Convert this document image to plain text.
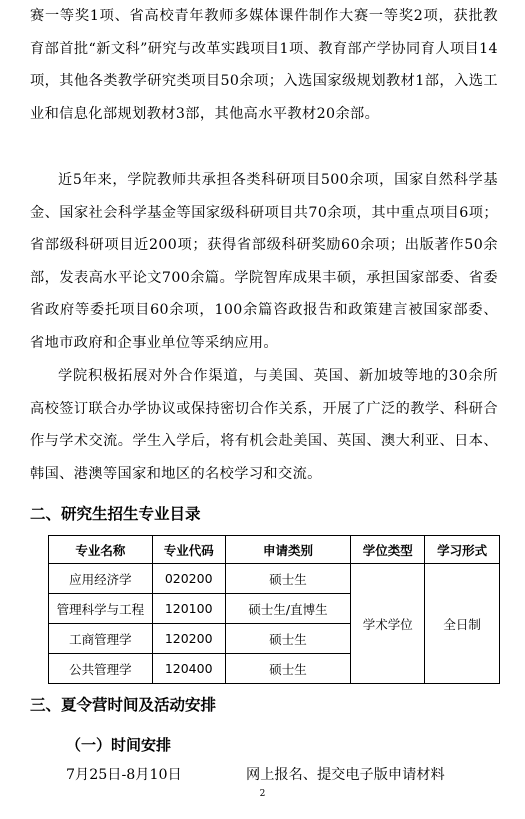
赛一等奖1项、省高校青年教师多媒体课件制作大赛一等奖2项，获批教育部首批“新文科”研究与改革实践项目1项、教育部产学协同育人项目14项，其他各类教学研究类项目50余项；入选国家级规划教材1部，入选工业和信息化部规划教材3部，其他高水平教材20余部。

近5年来，学院教师共承担各类科研项目500余项，国家自然科学基金、国家社会科学基金等国家级科研项目共70余项，其中重点项目6项；省部级科研项目近200项；获得省部级科研奖励60余项；出版著作50余部，发表高水平论文700余篇。学院智库成果丰硕，承担国家部委、省委省政府等委托项目60余项，100余篇咨政报告和政策建言被国家部委、省地市政府和企事业单位等采纳应用。

学院积极拓展对外合作渠道，与美国、英国、新加坡等地的30余所高校签订联合办学协议或保持密切合作关系，开展了广泛的教学、科研合作与学术交流。学生入学后，将有机会赴美国、英国、澳大利亚、日本、韩国、港澳等国家和地区的名校学习和交流。

二、研究生招生专业目录
专业名称	专业代码	申请类别	学位类型	学习形式
应用经济学	020200	硕士生	学术学位	全日制
管理科学与工程	120100	硕士生/直博生		
工商管理学	120200	硕士生		
公共管理学	120400	硕士生		
三、夏令营时间及活动安排
（一）时间安排
7月25日-8月10日	网上报名、提交电子版申请材料
2
